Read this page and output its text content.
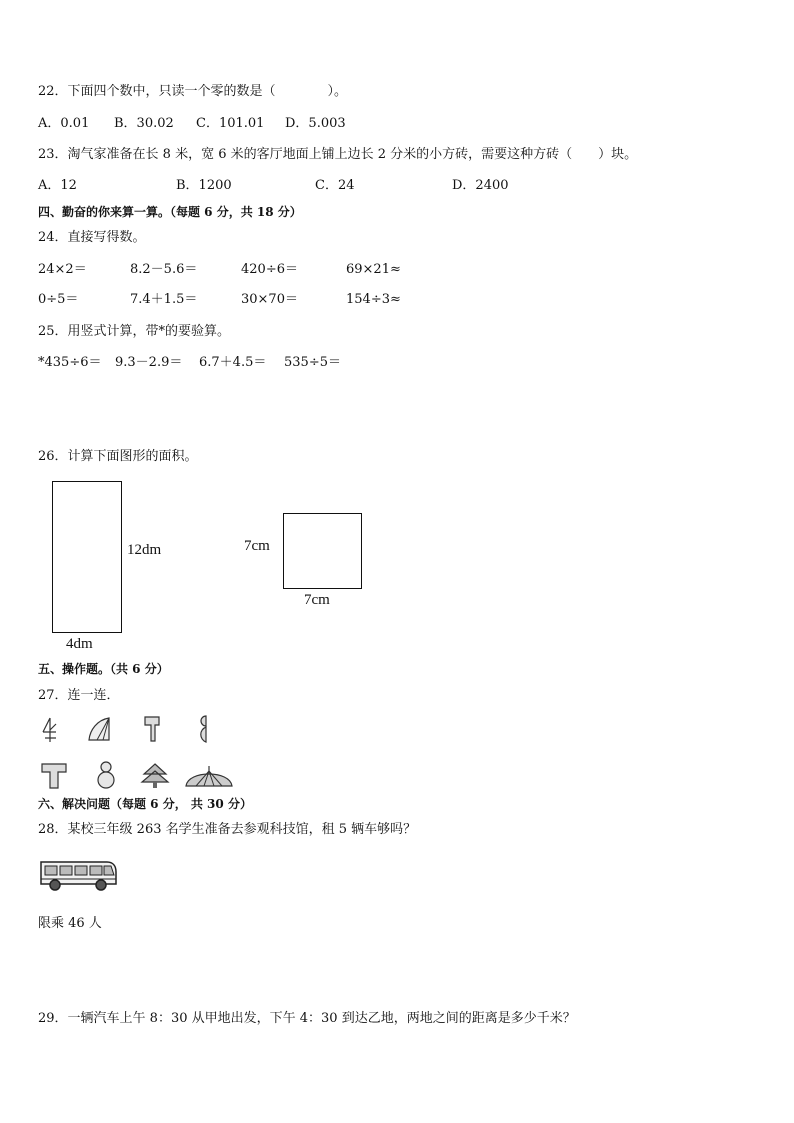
22．下面四个数中，只读一个零的数是（　　　　）。
A．0.01 B．30.02 C．101.01 D．5.003
23．淘气家准备在长 8 米，宽 6 米的客厅地面上铺上边长 2 分米的小方砖，需要这种方砖（　　）块。
A．12	B．1200	C．24	D．2400
四、勤奋的你来算一算。（每题 6 分，共 18 分）
24．直接写得数。
24×2＝	8.2－5.6＝	420÷6＝	69×21≈
0÷5＝	7.4＋1.5＝	30×70＝	154÷3≈
25．用竖式计算，带*的要验算。
*435÷6＝ 9.3－2.9＝ 6.7＋4.5＝ 535÷5＝
26．计算下面图形的面积。
12dm
4dm
7cm
7cm
五、操作题。（共 6 分）
27．连一连．
六、解决问题（每题 6 分， 共 30 分）
28．某校三年级 263 名学生准备去参观科技馆，租 5 辆车够吗？
限乘 46 人
29．一辆汽车上午 8：30 从甲地出发，下午 4：30 到达乙地，两地之间的距离是多少千米？
